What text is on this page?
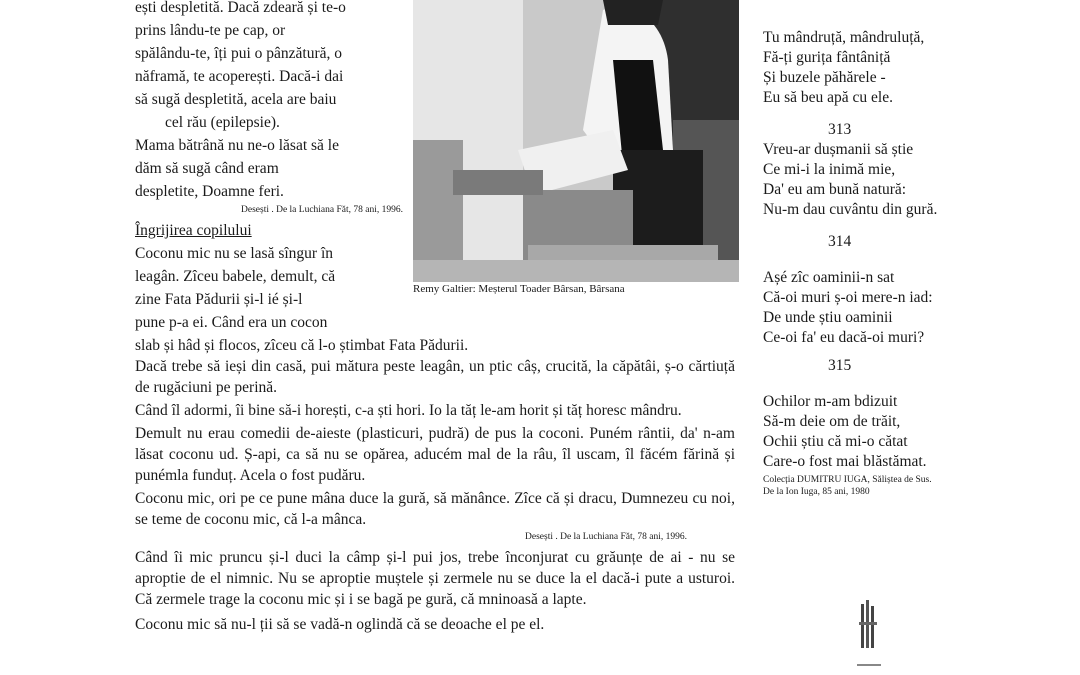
ești despletită. Dacă zdeară și te-o
prins lându-te pe cap, or
spălându-te, îți pui o pânzătură, o
năframă, te acoperești. Dacă-i dai
să sugă despletită, acela are baiu
cel rău (epilepsie).
Mama bătrână nu ne-o lăsat să le
dăm să sugă când eram
despletite, Doamne feri.
Desești . De la Luchiana Făt, 78 ani, 1996.
Îngrijirea copilului
Coconu mic nu se lasă sîngur în
leagân. Zîceu babele, demult, că
zine Fata Pădurii și-l ié și-l
pune p-a ei. Când era un cocon

slab și hâd și flocos, zîceu că l-o știmbat Fata Pădurii.

Dacă trebe să ieși din casă, pui mătura peste leagân, un ptic câș, crucită, la căpătâi, ș-o cărtiuță de rugăciuni pe perină.

Când îl adormi, îi bine să-i horești, c-a ști hori. Io la tăț le-am horit și tăț horesc mândru.

Demult nu erau comedii de-aieste (plasticuri, pudră) de pus la coconi. Puném rântii, da' n-am lăsat coconu ud. Ș-api, ca să nu se opărea, aducém mal de la râu, îl uscam, îl făcém fărină și punémla funduț. Acela o fost pudăru.

Coconu mic, ori pe ce pune mâna duce la gură, să mănânce. Zîce că și dracu, Dumnezeu cu noi, se teme de coconu mic, că l-a mânca.

Desești . De la Luchiana Făt, 78 ani, 1996.

Când îi mic pruncu și-l duci la câmp și-l pui jos, trebe înconjurat cu grăunțe de ai - nu se aproptie de el nimnic. Nu se aproptie muștele și zermele nu se duce la el dacă-i pute a usturoi. Că zermele trage la coconu mic și i se bagă pe gură, că mninoasă a lapte.

Coconu mic să nu-l ții să se vadă-n oglindă că se deoache el pe el.

Remy Galtier: Meșterul Toader Bârsan, Bârsana
Tu mândruță, mândruluță,
Fă-ți gurița fântâniță
Și buzele păhărele -
Eu să beu apă cu ele.
313
Vreu-ar dușmanii să știe
Ce mi-i la inimă mie,
Da' eu am bună natură:
Nu-m dau cuvântu din gură.
314
Așé zîc oaminii-n sat
Că-oi muri ș-oi mere-n iad:
De unde știu oaminii
Ce-oi fa' eu dacă-oi muri?
315
Ochilor m-am bdizuit
Să-m deie om de trăit,
Ochii știu că mi-o cătat
Care-o fost mai blăstămat.
Colecția DUMITRU IUGA, Săliștea de Sus.
De la Ion Iuga, 85 ani, 1980
